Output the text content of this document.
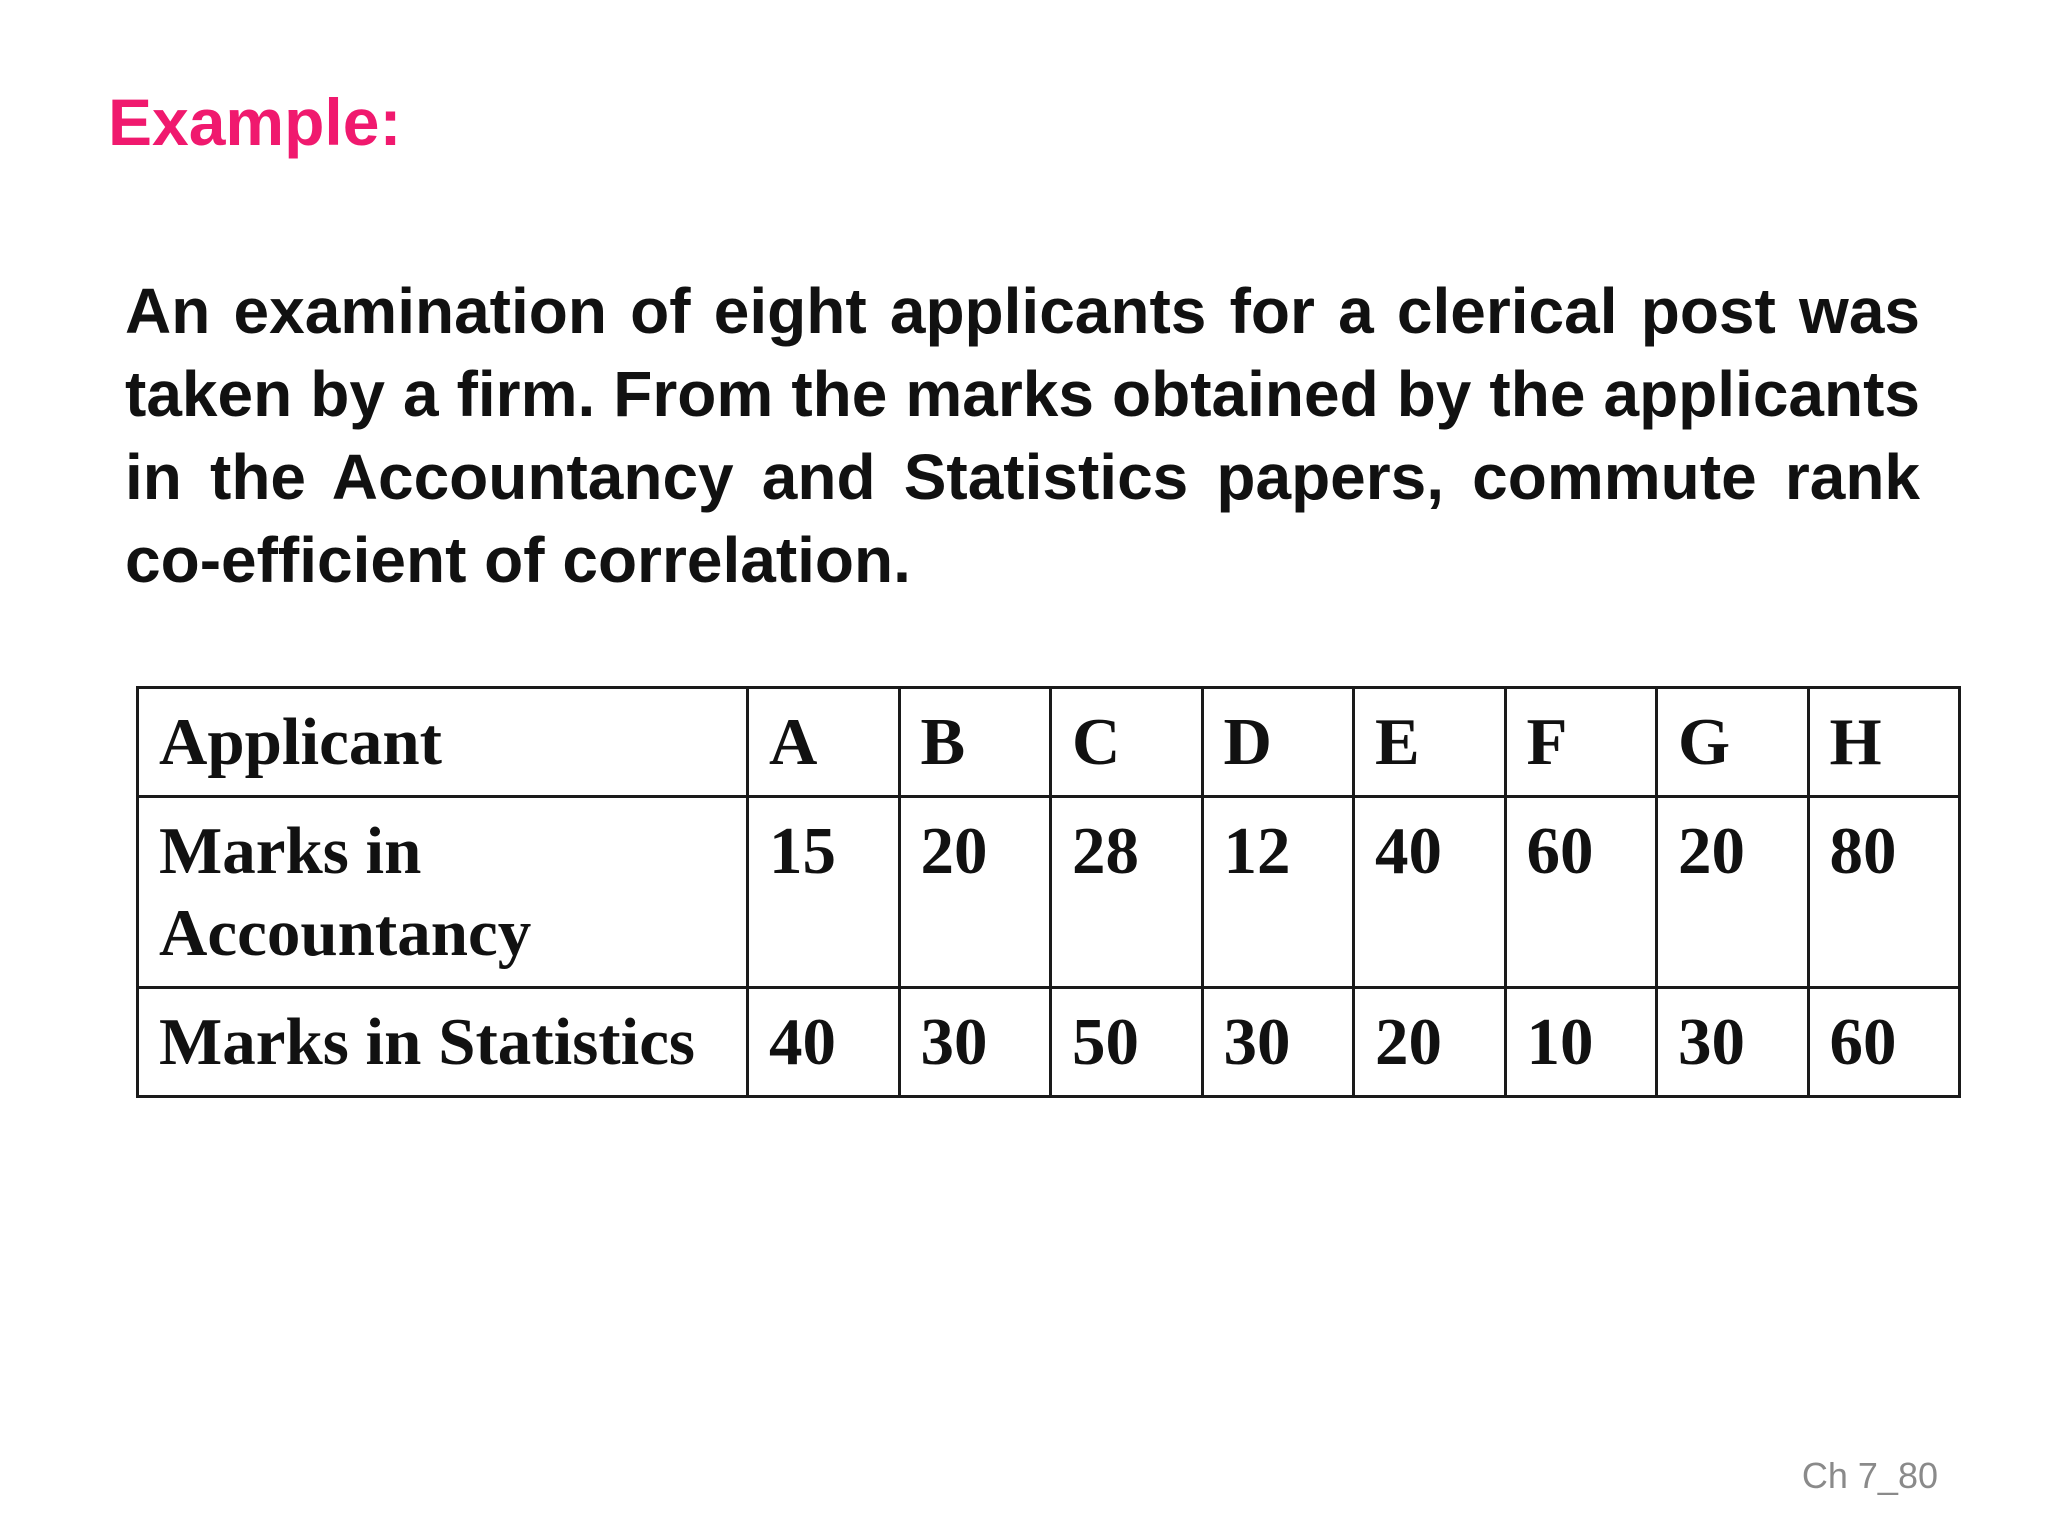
Example:

An examination of eight applicants for a clerical post was taken by a firm. From the marks obtained by the applicants in the Accountancy and Statistics papers, commute rank co-efficient of correlation.

Applicant	A	B	C	D	E	F	G	H
Marks in Accountancy	15	20	28	12	40	60	20	80
Marks in Statistics	40	30	50	30	20	10	30	60
Ch 7_80
